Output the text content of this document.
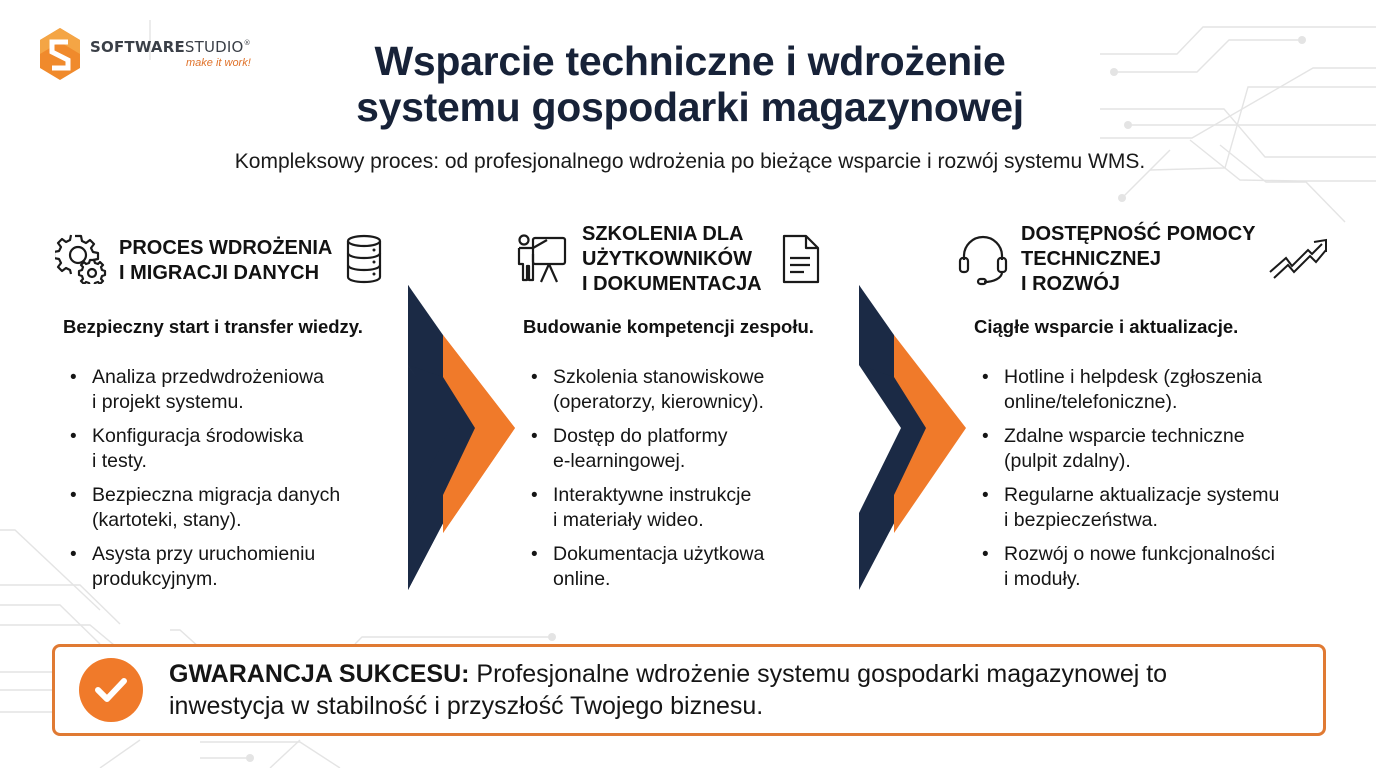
SOFTWARESTUDIO®
make it work!	Wsparcie techniczne i wdrożenie
systemu gospodarki magazynowej
Kompleksowy proces: od profesjonalnego wdrożenia po bieżące wsparcie i rozwój systemu WMS.
PROCES WDROŻENIA
I MIGRACJI DANYCH
Bezpieczny start i transfer wiedzy.
• Analiza przedwdrożeniowa
i projekt systemu.
• Konfiguracja środowiska
i testy.
• Bezpieczna migracja danych
(kartoteki, stany).
• Asysta przy uruchomieniu
produkcyjnym.
SZKOLENIA DLA
UŻYTKOWNIKÓW
I DOKUMENTACJA
Budowanie kompetencji zespołu.
• Szkolenia stanowiskowe
(operatorzy, kierownicy).
• Dostęp do platformy
e-learningowej.
• Interaktywne instrukcje
i materiały wideo.
• Dokumentacja użytkowa
online.
DOSTĘPNOŚĆ POMOCY
TECHNICZNEJ
I ROZWÓJ
Ciągłe wsparcie i aktualizacje.
• Hotline i helpdesk (zgłoszenia
online/telefoniczne).
• Zdalne wsparcie techniczne
(pulpit zdalny).
• Regularne aktualizacje systemu
i bezpieczeństwa.
• Rozwój o nowe funkcjonalności
i moduły.
GWARANCJA SUKCESU: Profesjonalne wdrożenie systemu gospodarki magazynowej to
inwestycja w stabilność i przyszłość Twojego biznesu.
